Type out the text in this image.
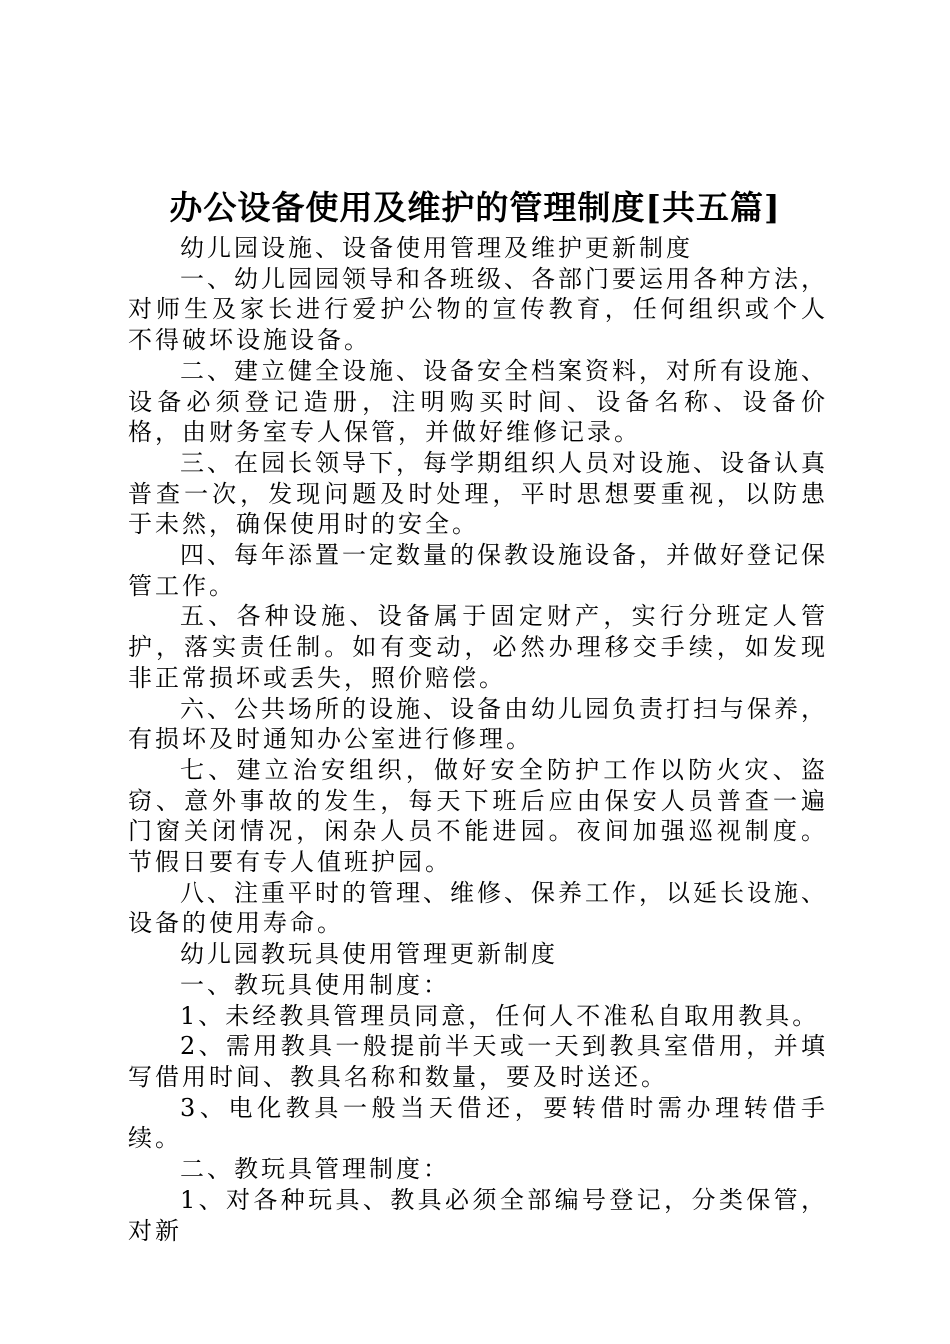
办公设备使用及维护的管理制度[共五篇]

幼儿园设施、设备使用管理及维护更新制度

一、幼儿园园领导和各班级、各部门要运用各种方法，对师生及家长进行爱护公物的宣传教育，任何组织或个人不得破坏设施设备。

二、建立健全设施、设备安全档案资料，对所有设施、设备必须登记造册，注明购买时间、设备名称、设备价格，由财务室专人保管，并做好维修记录。

三、在园长领导下，每学期组织人员对设施、设备认真普查一次，发现问题及时处理，平时思想要重视，以防患于未然，确保使用时的安全。

四、每年添置一定数量的保教设施设备，并做好登记保管工作。

五、各种设施、设备属于固定财产，实行分班定人管护，落实责任制。如有变动，必然办理移交手续，如发现非正常损坏或丢失，照价赔偿。

六、公共场所的设施、设备由幼儿园负责打扫与保养，有损坏及时通知办公室进行修理。

七、建立治安组织，做好安全防护工作以防火灾、盗窃、意外事故的发生，每天下班后应由保安人员普查一遍门窗关闭情况，闲杂人员不能进园。夜间加强巡视制度。节假日要有专人值班护园。

八、注重平时的管理、维修、保养工作，以延长设施、设备的使用寿命。

幼儿园教玩具使用管理更新制度

一、教玩具使用制度：

1、未经教具管理员同意，任何人不准私自取用教具。

2、需用教具一般提前半天或一天到教具室借用，并填写借用时间、教具名称和数量，要及时送还。

3、电化教具一般当天借还，要转借时需办理转借手续。

二、教玩具管理制度：

1、对各种玩具、教具必须全部编号登记，分类保管，对新
